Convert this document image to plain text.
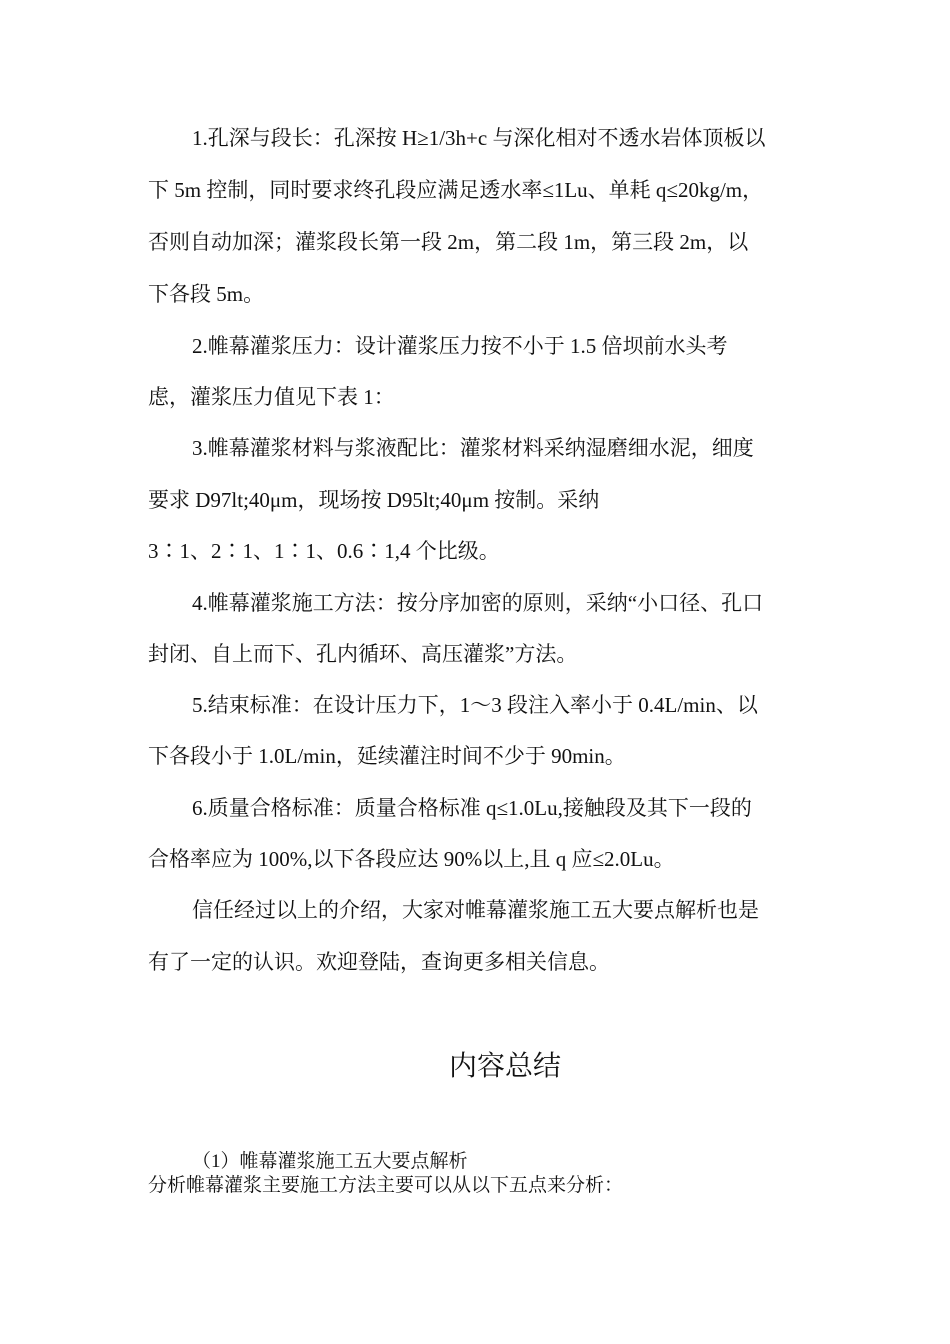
1.孔深与段长：孔深按 H≥1/3h+c 与深化相对不透水岩体顶板以
下 5m 控制，同时要求终孔段应满足透水率≤1Lu、单耗 q≤20kg/m，
否则自动加深；灌浆段长第一段 2m，第二段 1m，第三段 2m，以
下各段 5m。
2.帷幕灌浆压力：设计灌浆压力按不小于 1.5 倍坝前水头考
虑，灌浆压力值见下表 1：
3.帷幕灌浆材料与浆液配比：灌浆材料采纳湿磨细水泥，细度
要求 D97lt;40μm，现场按 D95lt;40μm 按制。采纳
3∶1、2∶1、1∶1、0.6∶1,4 个比级。
4.帷幕灌浆施工方法：按分序加密的原则，采纳“小口径、孔口
封闭、自上而下、孔内循环、高压灌浆”方法。
5.结束标准：在设计压力下，1～3 段注入率小于 0.4L/min、以
下各段小于 1.0L/min，延续灌注时间不少于 90min。
6.质量合格标准：质量合格标准 q≤1.0Lu,接触段及其下一段的
合格率应为 100%,以下各段应达 90%以上,且 q 应≤2.0Lu。
信任经过以上的介绍，大家对帷幕灌浆施工五大要点解析也是
有了一定的认识。欢迎登陆，查询更多相关信息。
内容总结
（1）帷幕灌浆施工五大要点解析
分析帷幕灌浆主要施工方法主要可以从以下五点来分析：
